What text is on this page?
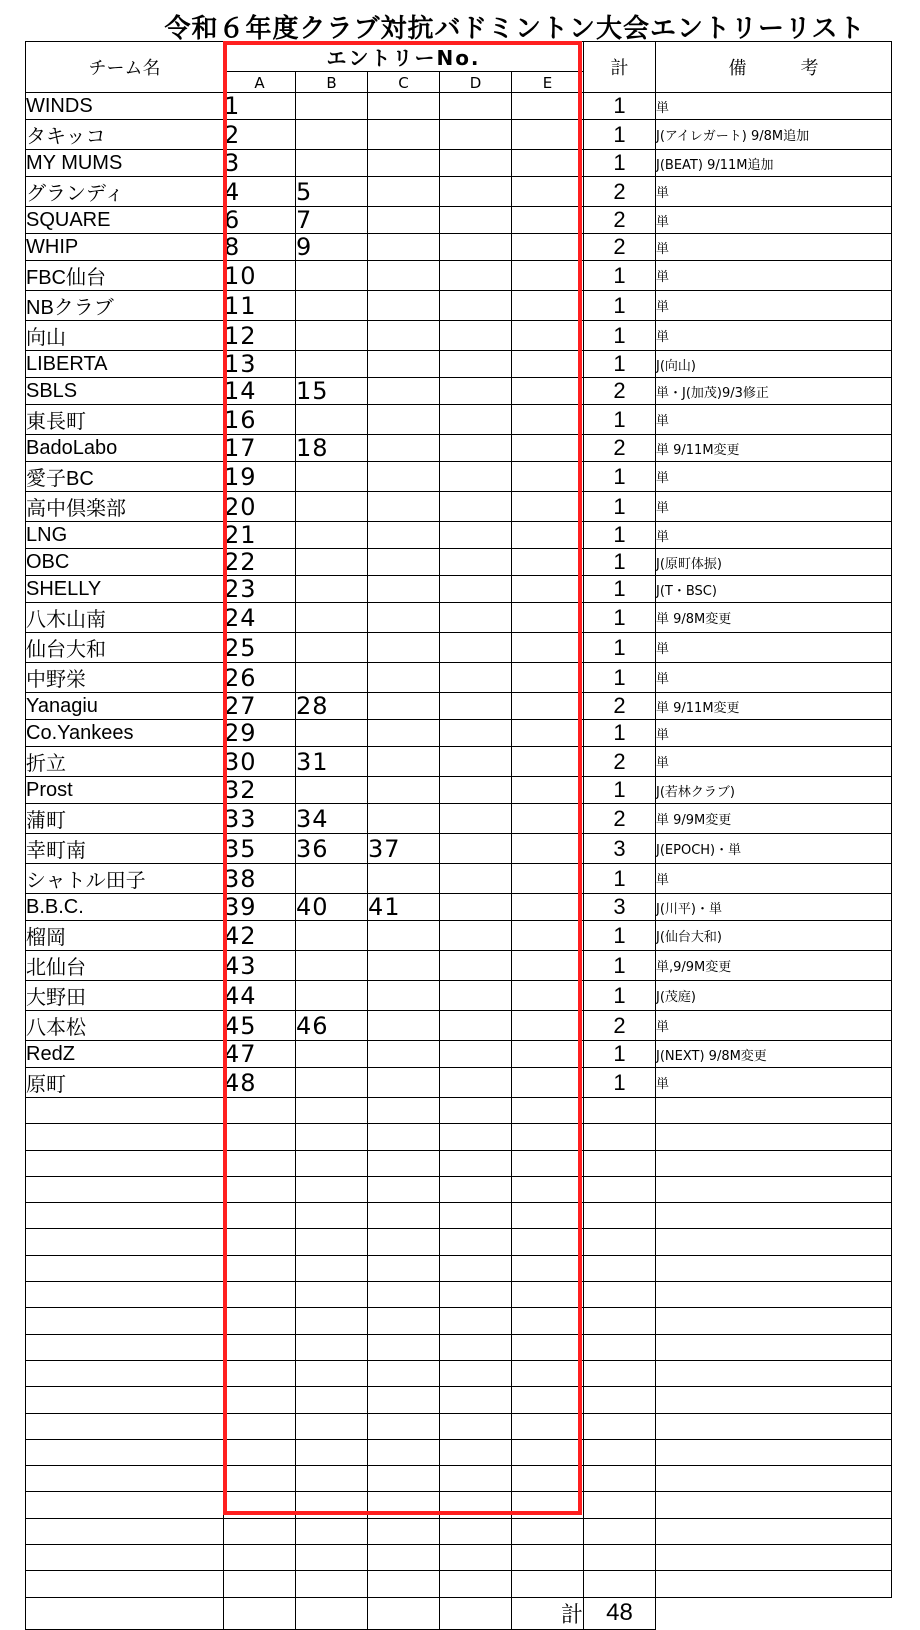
令和６年度クラブ対抗バドミントン大会エントリーリスト
チーム名	エントリーNo.					計	備　　　考
	A	B	C	D	E		
WINDS	1					1	単
タキッコ	2					1	J(アイレガート) 9/8M追加
MY MUMS	3					1	J(BEAT) 9/11M追加
グランディ	4	5				2	単
SQUARE	6	7				2	単
WHIP	8	9				2	単
FBC仙台	10					1	単
NBクラブ	11					1	単
向山	12					1	単
LIBERTA	13					1	J(向山)
SBLS	14	15				2	単・J(加茂)9/3修正
東長町	16					1	単
BadoLabo	17	18				2	単 9/11M変更
愛子BC	19					1	単
高中倶楽部	20					1	単
LNG	21					1	単
OBC	22					1	J(原町体振)
SHELLY	23					1	J(T・BSC)
八木山南	24					1	単 9/8M変更
仙台大和	25					1	単
中野栄	26					1	単
Yanagiu	27	28				2	単 9/11M変更
Co.Yankees	29					1	単
折立	30	31				2	単
Prost	32					1	J(若林クラブ)
蒲町	33	34				2	単 9/9M変更
幸町南	35	36	37			3	J(EPOCH)・単
シャトル田子	38					1	単
B.B.C.	39	40	41			3	J(川平)・単
榴岡	42					1	J(仙台大和)
北仙台	43					1	単,9/9M変更
大野田	44					1	J(茂庭)
八本松	45	46				2	単
RedZ	47					1	J(NEXT) 9/8M変更
原町	48					1	単

					計	48	
